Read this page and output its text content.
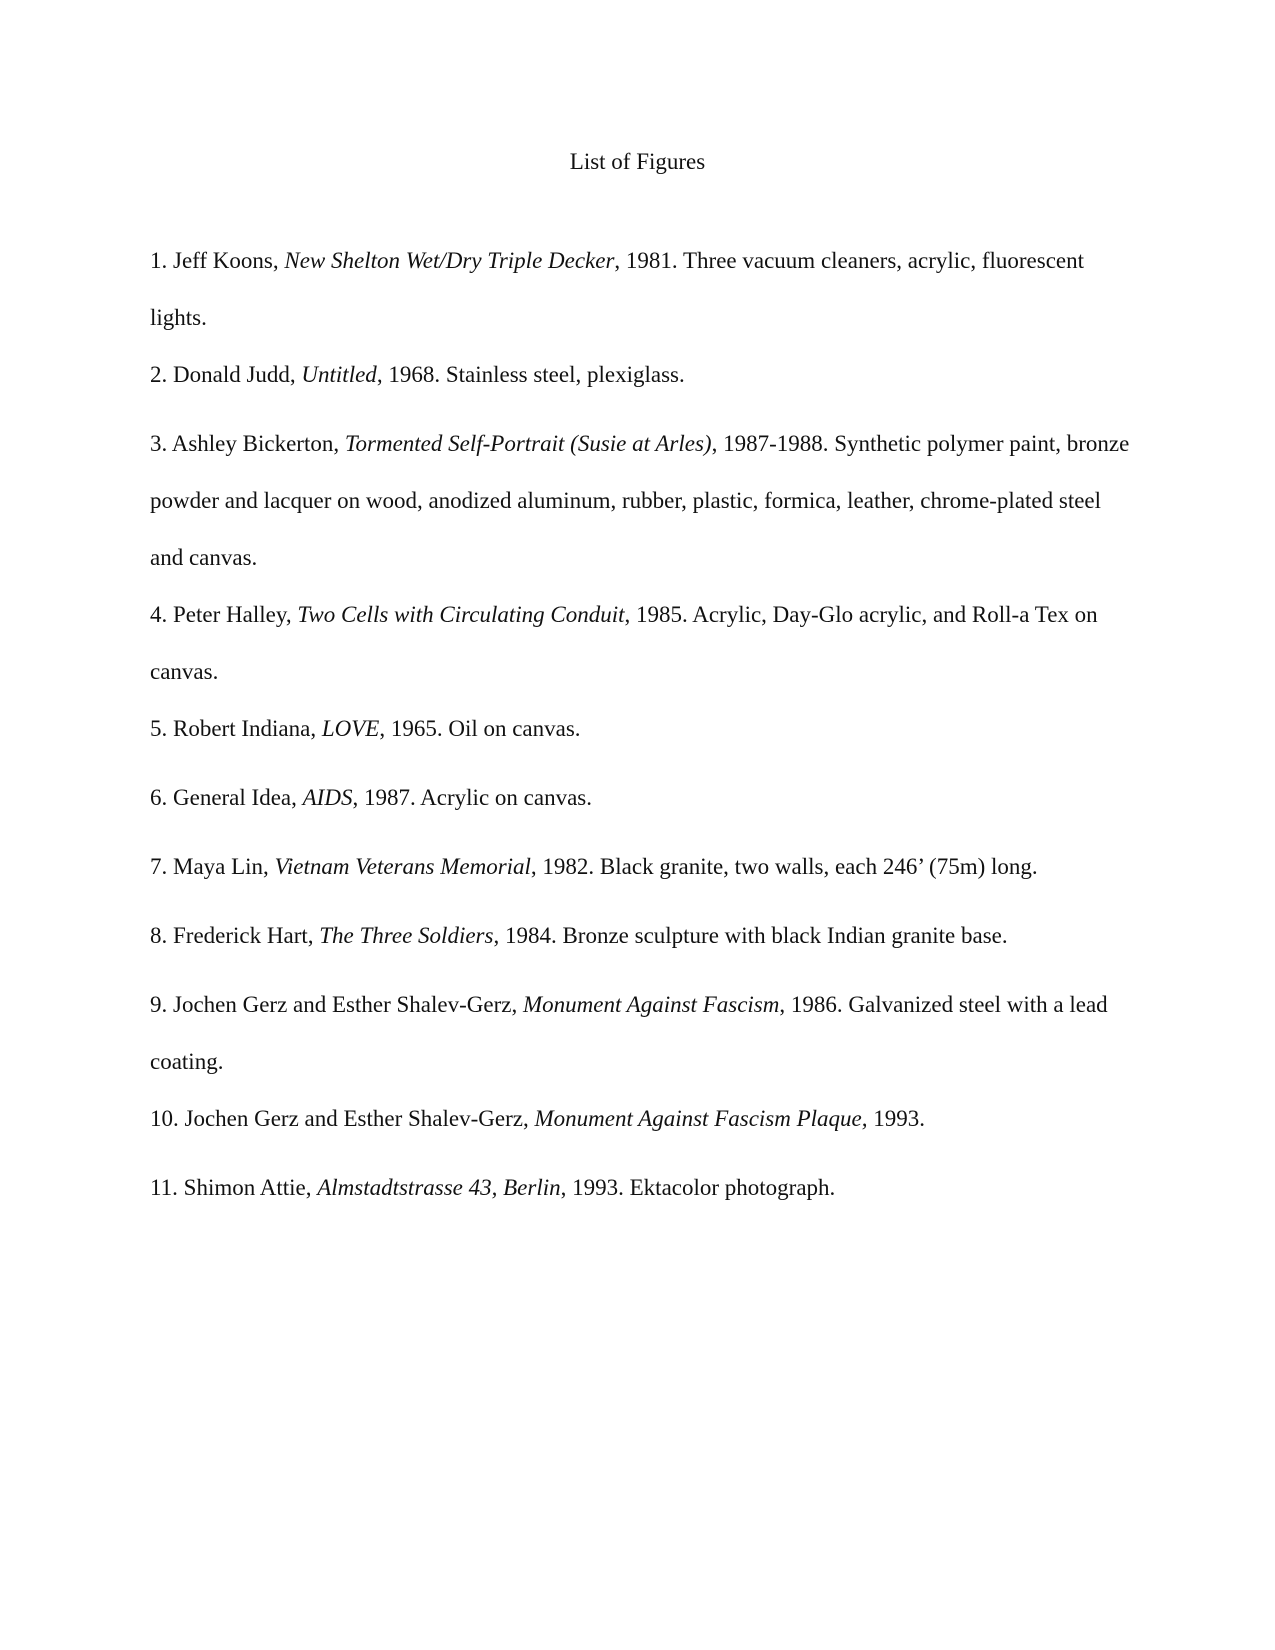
List of Figures

1. Jeff Koons, New Shelton Wet/Dry Triple Decker, 1981. Three vacuum cleaners, acrylic, fluorescent lights.

2. Donald Judd, Untitled, 1968. Stainless steel, plexiglass.

3. Ashley Bickerton, Tormented Self-Portrait (Susie at Arles), 1987-1988. Synthetic polymer paint, bronze powder and lacquer on wood, anodized aluminum, rubber, plastic, formica, leather, chrome-plated steel and canvas.

4. Peter Halley, Two Cells with Circulating Conduit, 1985. Acrylic, Day-Glo acrylic, and Roll-a Tex on canvas.

5. Robert Indiana, LOVE, 1965. Oil on canvas.

6. General Idea, AIDS, 1987. Acrylic on canvas.

7. Maya Lin, Vietnam Veterans Memorial, 1982. Black granite, two walls, each 246’ (75m) long.

8. Frederick Hart, The Three Soldiers, 1984. Bronze sculpture with black Indian granite base.

9. Jochen Gerz and Esther Shalev-Gerz, Monument Against Fascism, 1986. Galvanized steel with a lead coating.

10. Jochen Gerz and Esther Shalev-Gerz, Monument Against Fascism Plaque, 1993.

11. Shimon Attie, Almstadtstrasse 43, Berlin, 1993. Ektacolor photograph.
